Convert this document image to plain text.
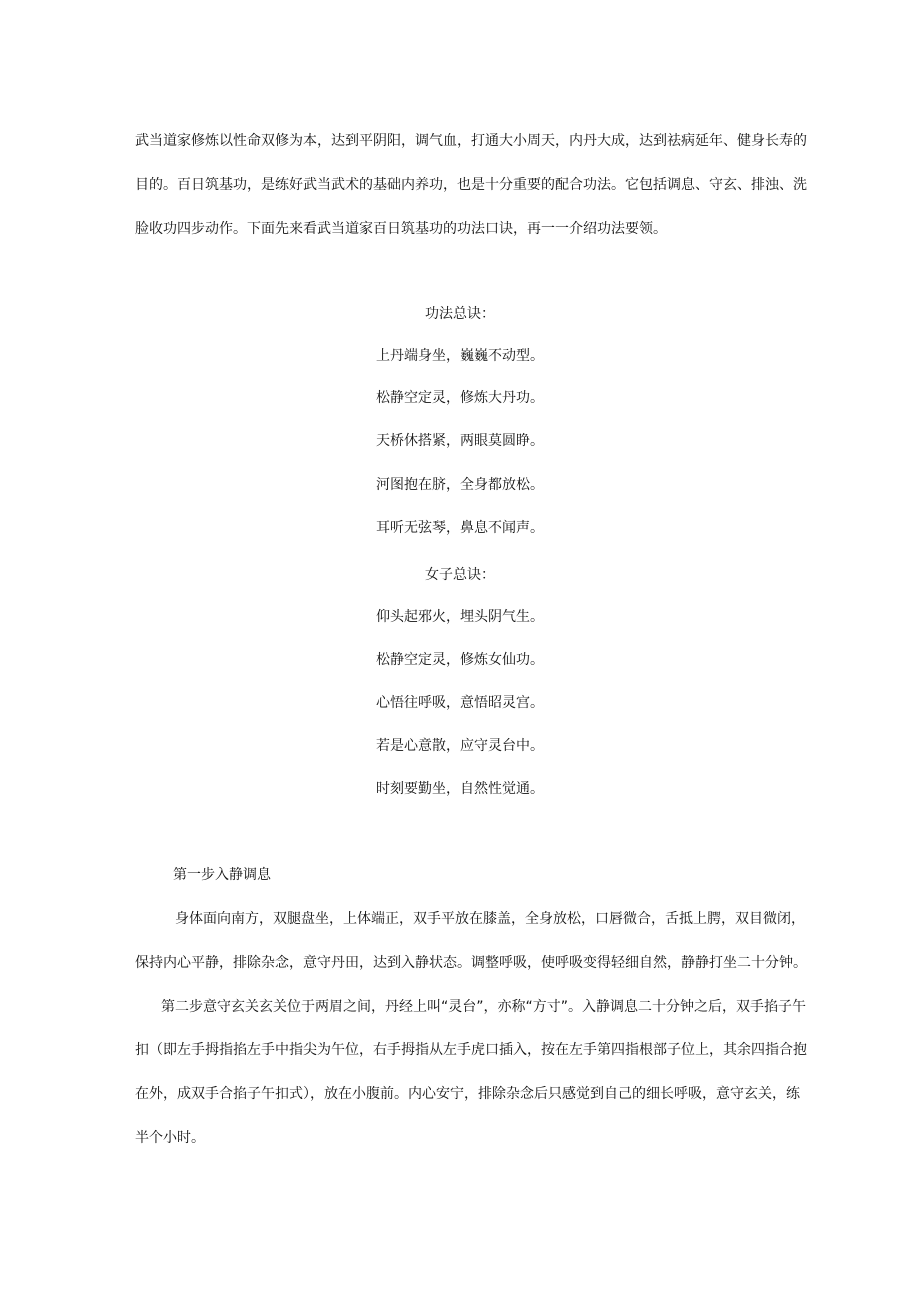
武当道家修炼以性命双修为本，达到平阴阳，调气血，打通大小周天，内丹大成，达到祛病延年、健身长寿的
目的。百日筑基功，是练好武当武术的基础内养功，也是十分重要的配合功法。它包括调息、守玄、排浊、洗
脸收功四步动作。下面先来看武当道家百日筑基功的功法口诀，再一一介绍功法要领。
功法总诀：
上丹端身坐，巍巍不动型。
松静空定灵，修炼大丹功。
天桥休搭紧，两眼莫圆睁。
河图抱在脐，全身都放松。
耳听无弦琴，鼻息不闻声。
女子总诀：
仰头起邪火，埋头阴气生。
松静空定灵，修炼女仙功。
心悟往呼吸，意悟昭灵宫。
若是心意散，应守灵台中。
时刻要勤坐，自然性觉通。
第一步入静调息
身体面向南方，双腿盘坐，上体端正，双手平放在膝盖，全身放松，口唇微合，舌抵上腭，双目微闭，
保持内心平静，排除杂念，意守丹田，达到入静状态。调整呼吸，使呼吸变得轻细自然，静静打坐二十分钟。
第二步意守玄关玄关位于两眉之间，丹经上叫“灵台”，亦称“方寸”。入静调息二十分钟之后，双手掐子午
扣（即左手拇指掐左手中指尖为午位，右手拇指从左手虎口插入，按在左手第四指根部子位上，其余四指合抱
在外，成双手合掐子午扣式），放在小腹前。内心安宁，排除杂念后只感觉到自己的细长呼吸，意守玄关，练
半个小时。
